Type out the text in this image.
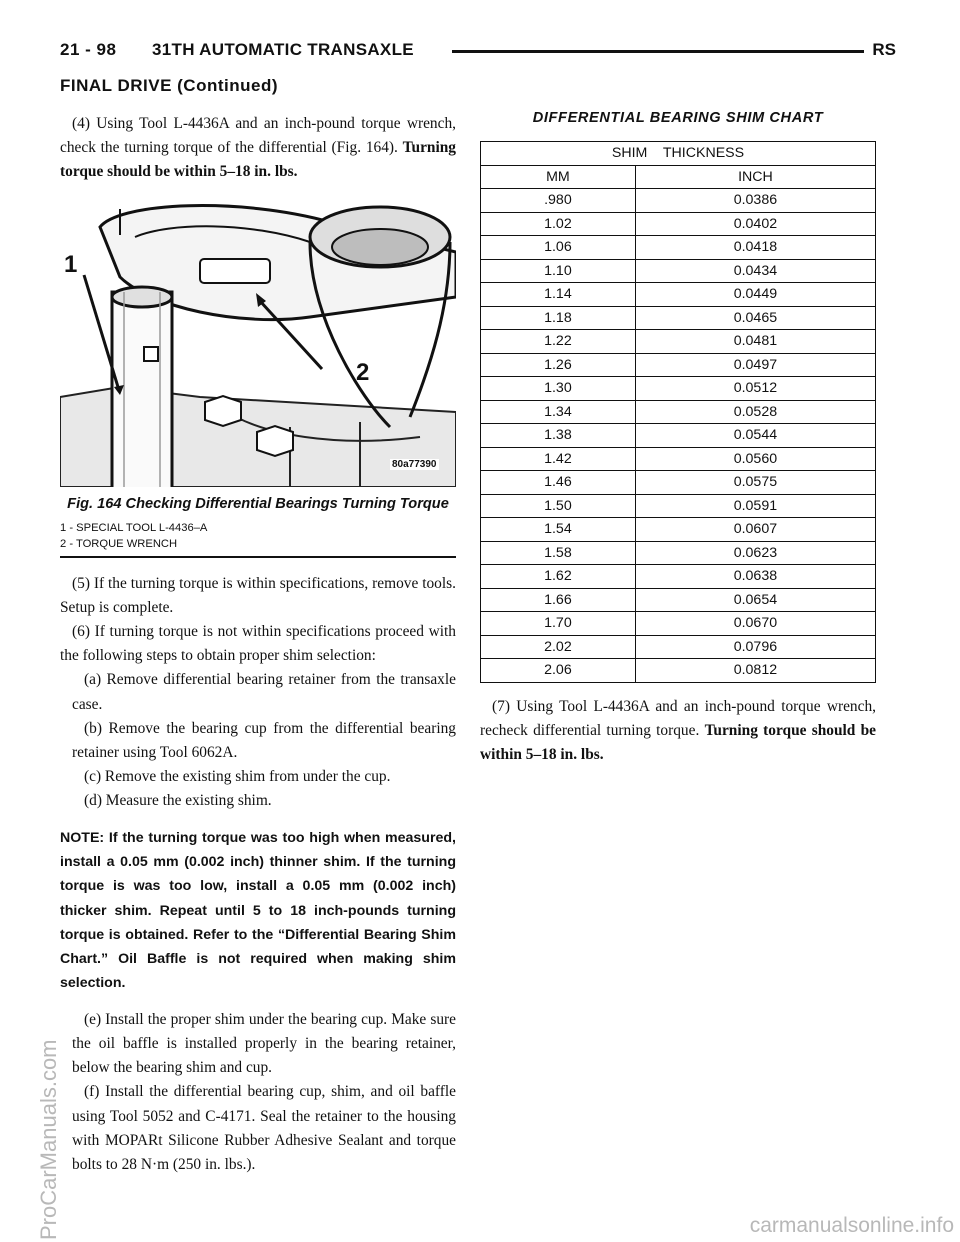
21 - 98 31TH AUTOMATIC TRANSAXLE	RS
FINAL DRIVE (Continued)

(4) Using Tool L-4436A and an inch-pound torque wrench, check the turning torque of the differential (Fig. 164). Turning torque should be within 5–18 in. lbs.

1
2
80a77390
Fig. 164 Checking Differential Bearings Turning Torque
1 - SPECIAL TOOL L-4436–A
2 - TORQUE WRENCH

(5) If the turning torque is within specifications, remove tools. Setup is complete.

(6) If turning torque is not within specifications proceed with the following steps to obtain proper shim selection:

(a) Remove differential bearing retainer from the transaxle case.

(b) Remove the bearing cup from the differential bearing retainer using Tool 6062A.

(c) Remove the existing shim from under the cup.

(d) Measure the existing shim.

NOTE: If the turning torque was too high when measured, install a 0.05 mm (0.002 inch) thinner shim. If the turning torque is was too low, install a 0.05 mm (0.002 inch) thicker shim. Repeat until 5 to 18 inch-pounds turning torque is obtained. Refer to the “Differential Bearing Shim Chart.” Oil Baffle is not required when making shim selection.

(e) Install the proper shim under the bearing cup. Make sure the oil baffle is installed properly in the bearing retainer, below the bearing shim and cup.

(f) Install the differential bearing cup, shim, and oil baffle using Tool 5052 and C-4171. Seal the retainer to the housing with MOPARt Silicone Rubber Adhesive Sealant and torque bolts to 28 N·m (250 in. lbs.).

DIFFERENTIAL BEARING SHIM CHART
SHIM    THICKNESS	
MM	INCH
.980	0.0386
1.02	0.0402
1.06	0.0418
1.10	0.0434
1.14	0.0449
1.18	0.0465
1.22	0.0481
1.26	0.0497
1.30	0.0512
1.34	0.0528
1.38	0.0544
1.42	0.0560
1.46	0.0575
1.50	0.0591
1.54	0.0607
1.58	0.0623
1.62	0.0638
1.66	0.0654
1.70	0.0670
2.02	0.0796
2.06	0.0812

(7) Using Tool L-4436A and an inch-pound torque wrench, recheck differential turning torque. Turning torque should be within 5–18 in. lbs.

ProCarManuals.com	carmanualsonline.info
